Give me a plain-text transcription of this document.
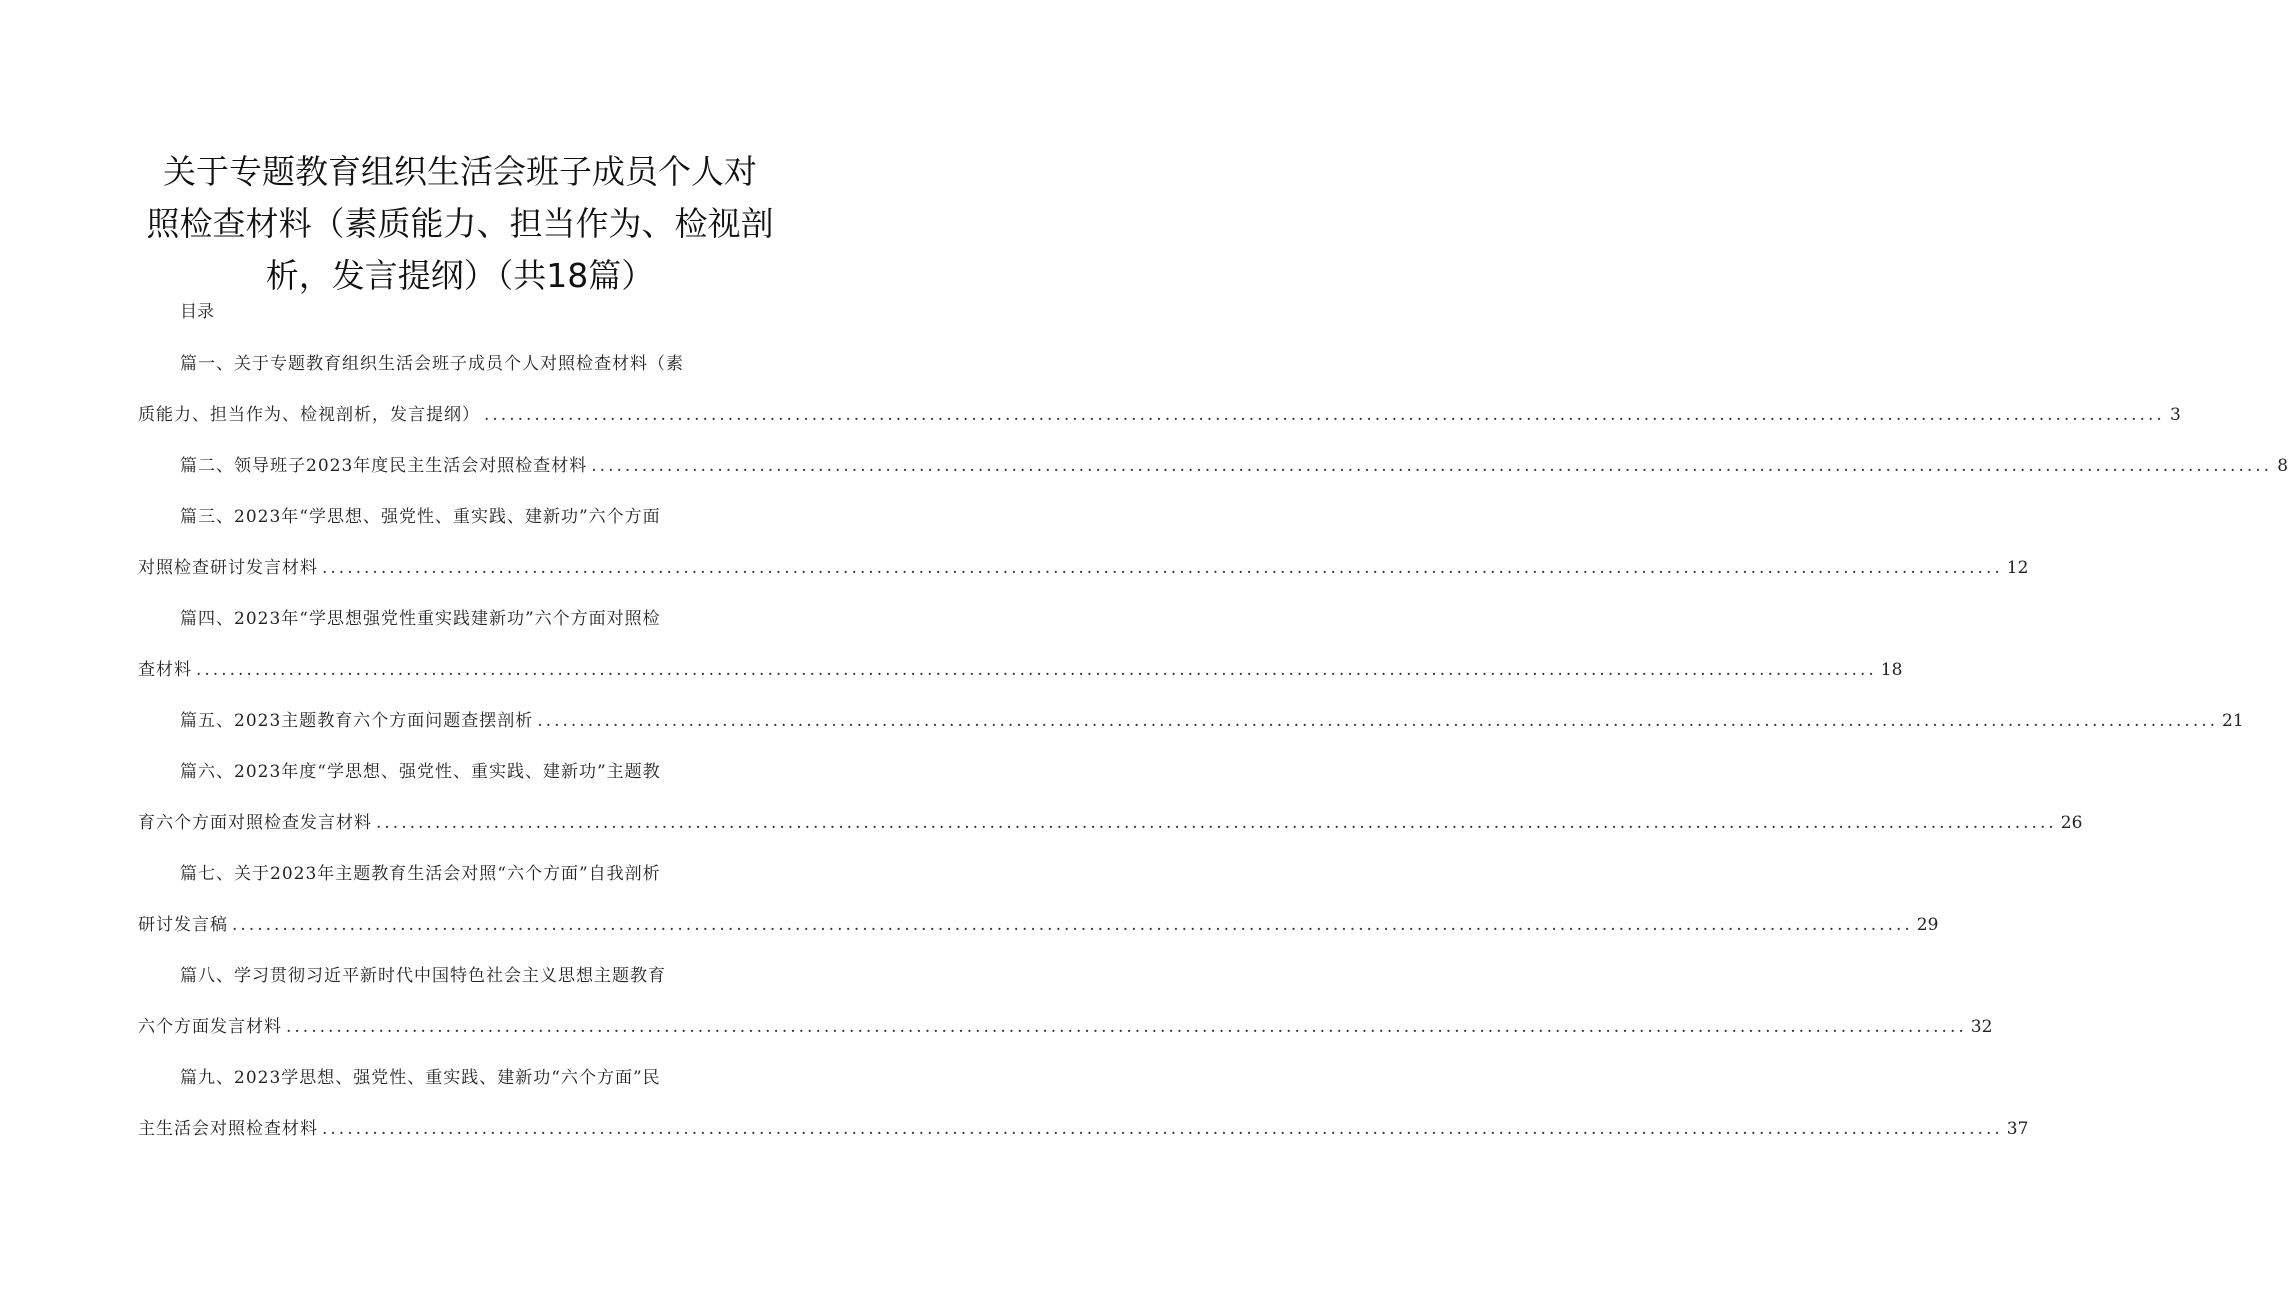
关于专题教育组织生活会班子成员个人对
照检查材料（素质能力、担当作为、检视剖
析，发言提纲）（共18篇）
目录
篇一、关于专题教育组织生活会班子成员个人对照检查材料（素
质能力、担当作为、检视剖析，发言提纲） ........................................................................................................................................................................................................ 3
篇二、领导班子2023年度民主生活会对照检查材料 ........................................................................................................................................................................................................ 8
篇三、2023年“学思想、强党性、重实践、建新功”六个方面
对照检查研讨发言材料 ........................................................................................................................................................................................................ 12
篇四、2023年“学思想强党性重实践建新功”六个方面对照检
查材料 ........................................................................................................................................................................................................ 18
篇五、2023主题教育六个方面问题查摆剖析 ........................................................................................................................................................................................................ 21
篇六、2023年度“学思想、强党性、重实践、建新功”主题教
育六个方面对照检查发言材料 ........................................................................................................................................................................................................ 26
篇七、关于2023年主题教育生活会对照“六个方面”自我剖析
研讨发言稿 ........................................................................................................................................................................................................ 29
篇八、学习贯彻习近平新时代中国特色社会主义思想主题教育
六个方面发言材料 ........................................................................................................................................................................................................ 32
篇九、2023学思想、强党性、重实践、建新功“六个方面”民
主生活会对照检查材料 ........................................................................................................................................................................................................ 37
